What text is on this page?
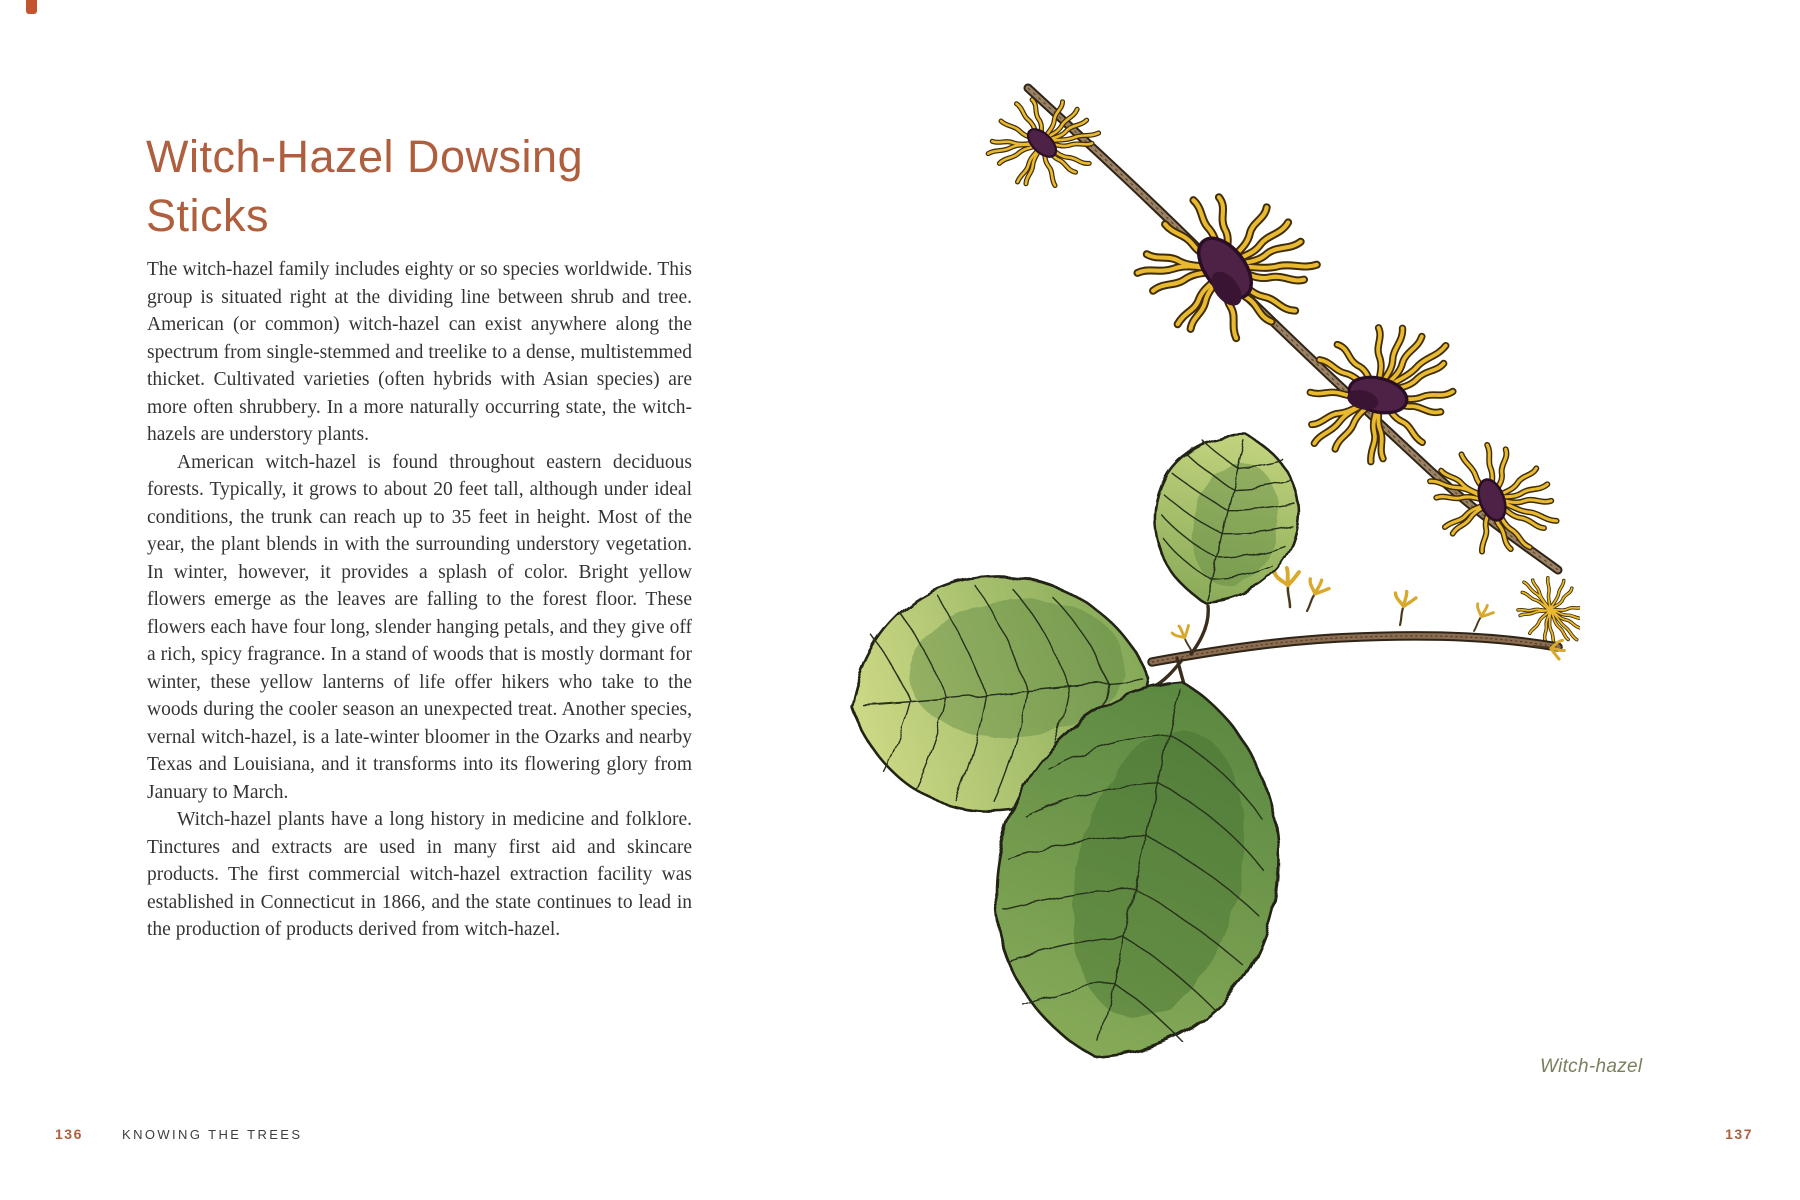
Witch-Hazel Dowsing Sticks

The witch-hazel family includes eighty or so species worldwide. This group is situated right at the dividing line between shrub and tree. American (or common) witch-hazel can exist anywhere along the spectrum from single-stemmed and treelike to a dense, multistemmed thicket. Cultivated varieties (often hybrids with Asian species) are more often shrubbery. In a more naturally occurring state, the witch-hazels are understory plants.

American witch-hazel is found throughout eastern deciduous forests. Typically, it grows to about 20 feet tall, although under ideal conditions, the trunk can reach up to 35 feet in height. Most of the year, the plant blends in with the surrounding understory vegetation. In winter, however, it provides a splash of color. Bright yellow flowers emerge as the leaves are falling to the forest floor. These flowers each have four long, slender hanging petals, and they give off a rich, spicy fragrance. In a stand of woods that is mostly dormant for winter, these yellow lanterns of life offer hikers who take to the woods during the cooler season an unexpected treat. Another species, vernal witch-hazel, is a late-winter bloomer in the Ozarks and nearby Texas and Louisiana, and it transforms into its flowering glory from January to March.

Witch-hazel plants have a long history in medicine and folklore. Tinctures and extracts are used in many first aid and skincare products. The first commercial witch-hazel extraction facility was established in Connecticut in 1866, and the state continues to lead in the production of products derived from witch-hazel.

136	KNOWING THE TREES
Witch-hazel
137
